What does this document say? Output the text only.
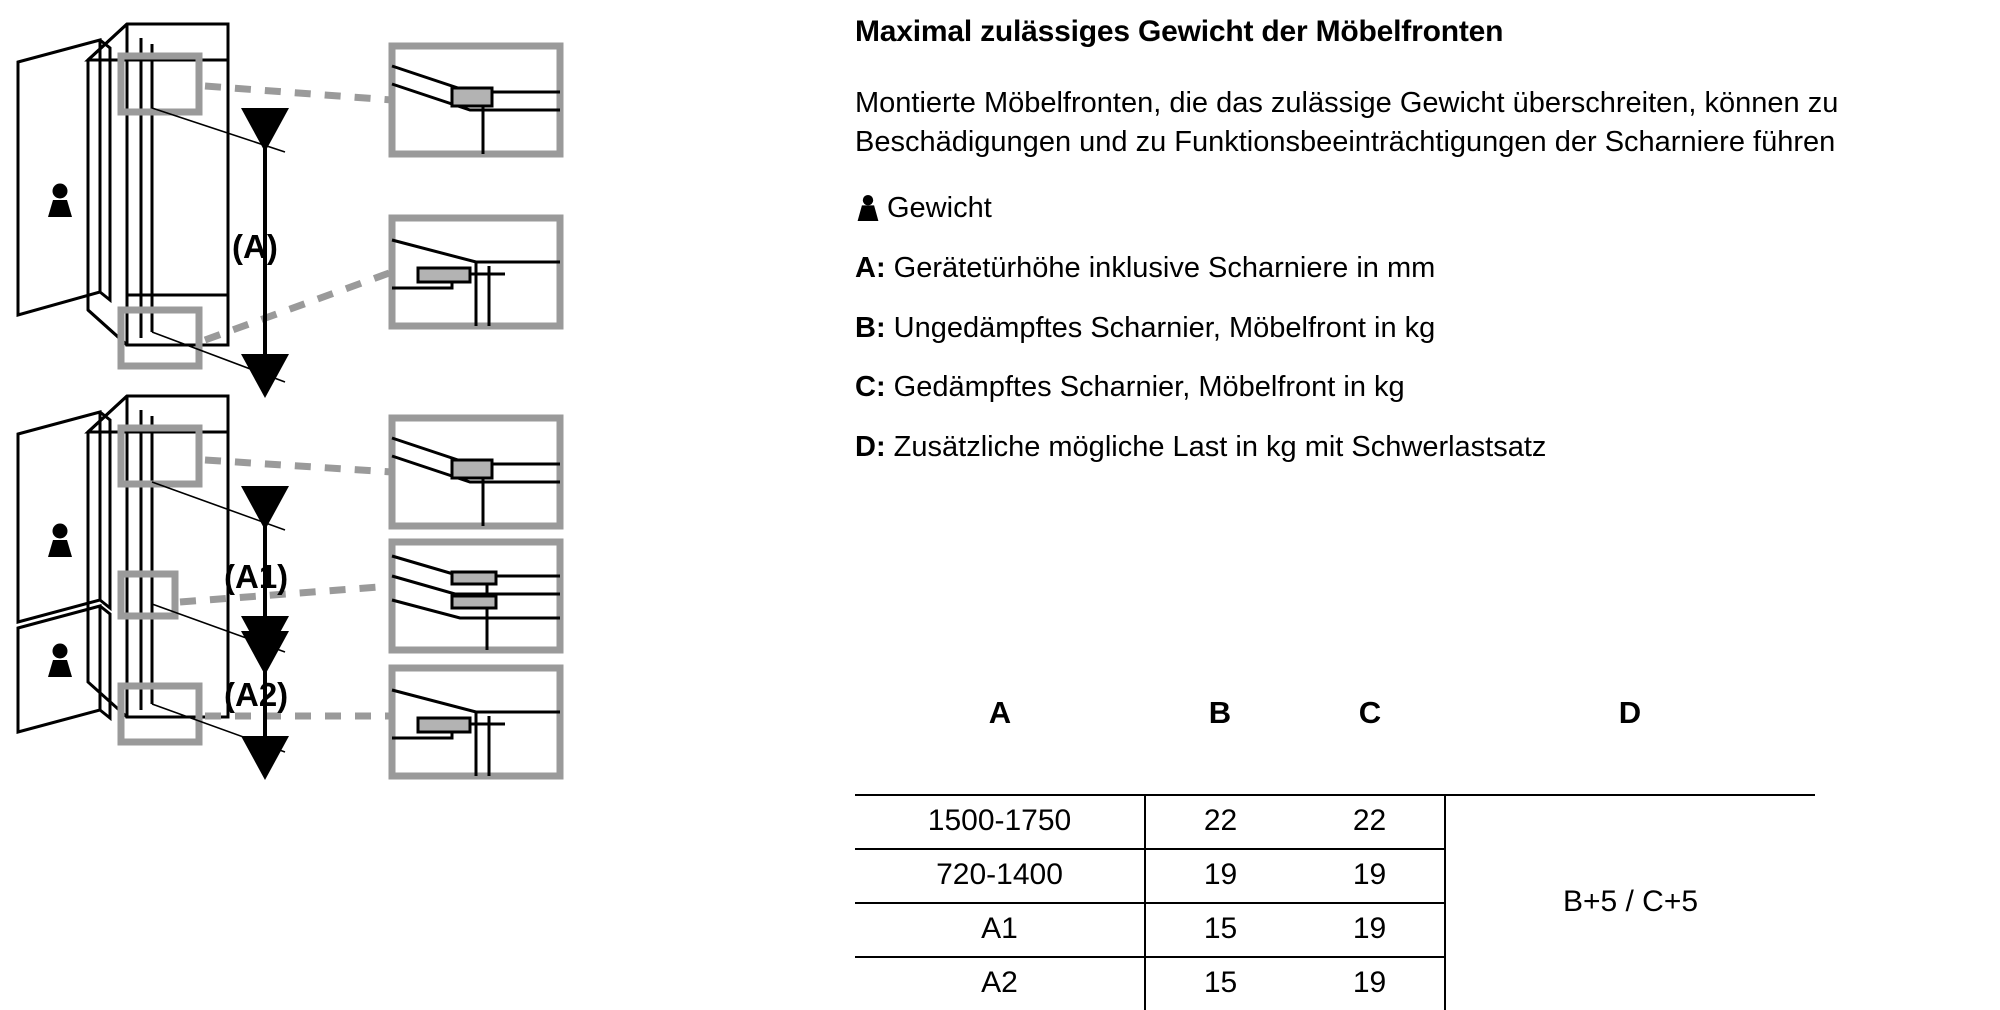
(A)
(A1)
(A2)
Maximal zulässiges Gewicht der Möbelfronten

Montierte Möbelfronten, die das zulässige Gewicht überschreiten, können zu Beschädigungen und zu Funktionsbeeinträchtigungen der Scharniere führen

Gewicht
A: Gerätetürhöhe inklusive Scharniere in mm
B: Ungedämpftes Scharnier, Möbelfront in kg
C: Gedämpftes Scharnier, Möbelfront in kg
D: Zusätzliche mögliche Last in kg mit Schwerlastsatz
A	B	C	D

1500-1750	22	22	B+5 / C+5
720-1400	19	19	
A1	15	19	
A2	15	19	
